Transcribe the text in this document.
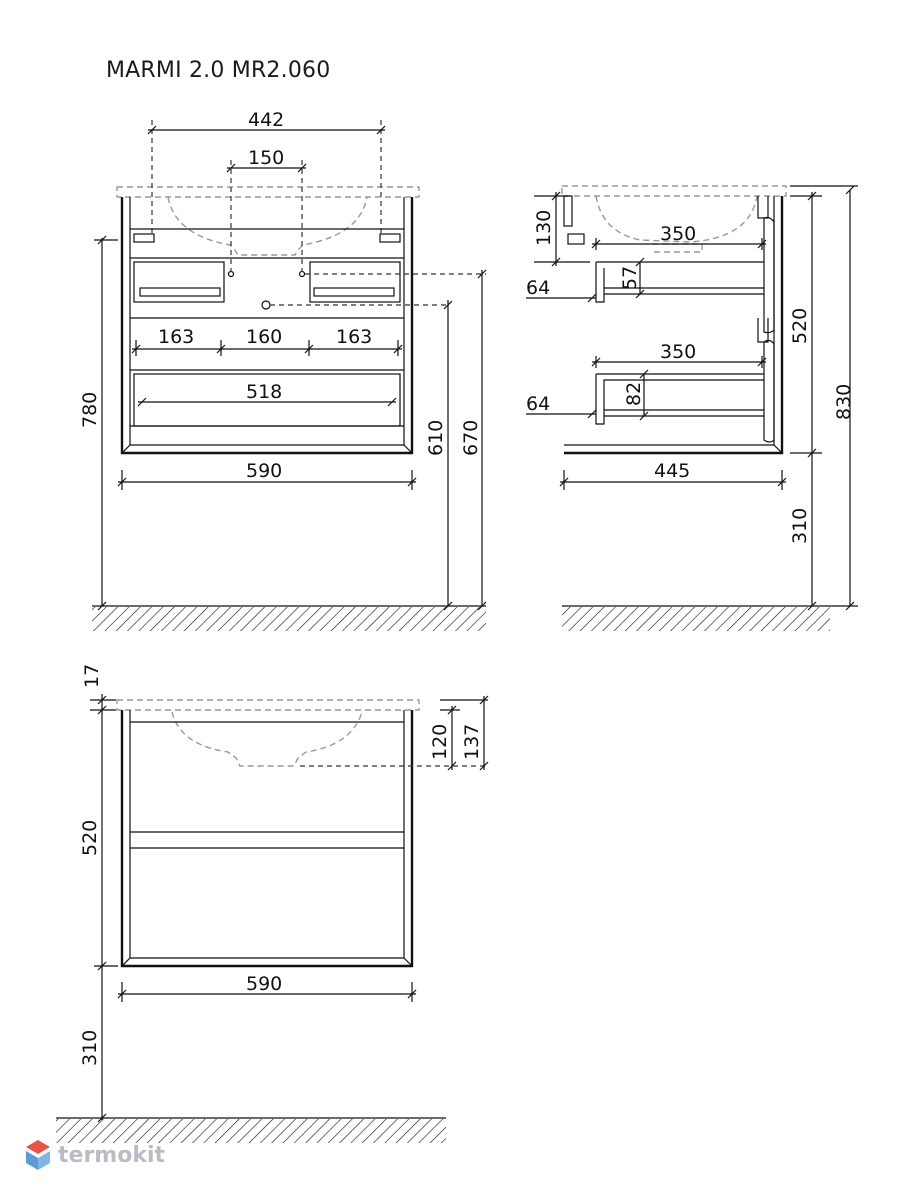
MARMI 2.0 MR2.060
442
150
163	160	163
518
590
780
610 670
130	350
64	57
520
350
82
64	830
445
310
17
120 137
520
590
310
termokit
